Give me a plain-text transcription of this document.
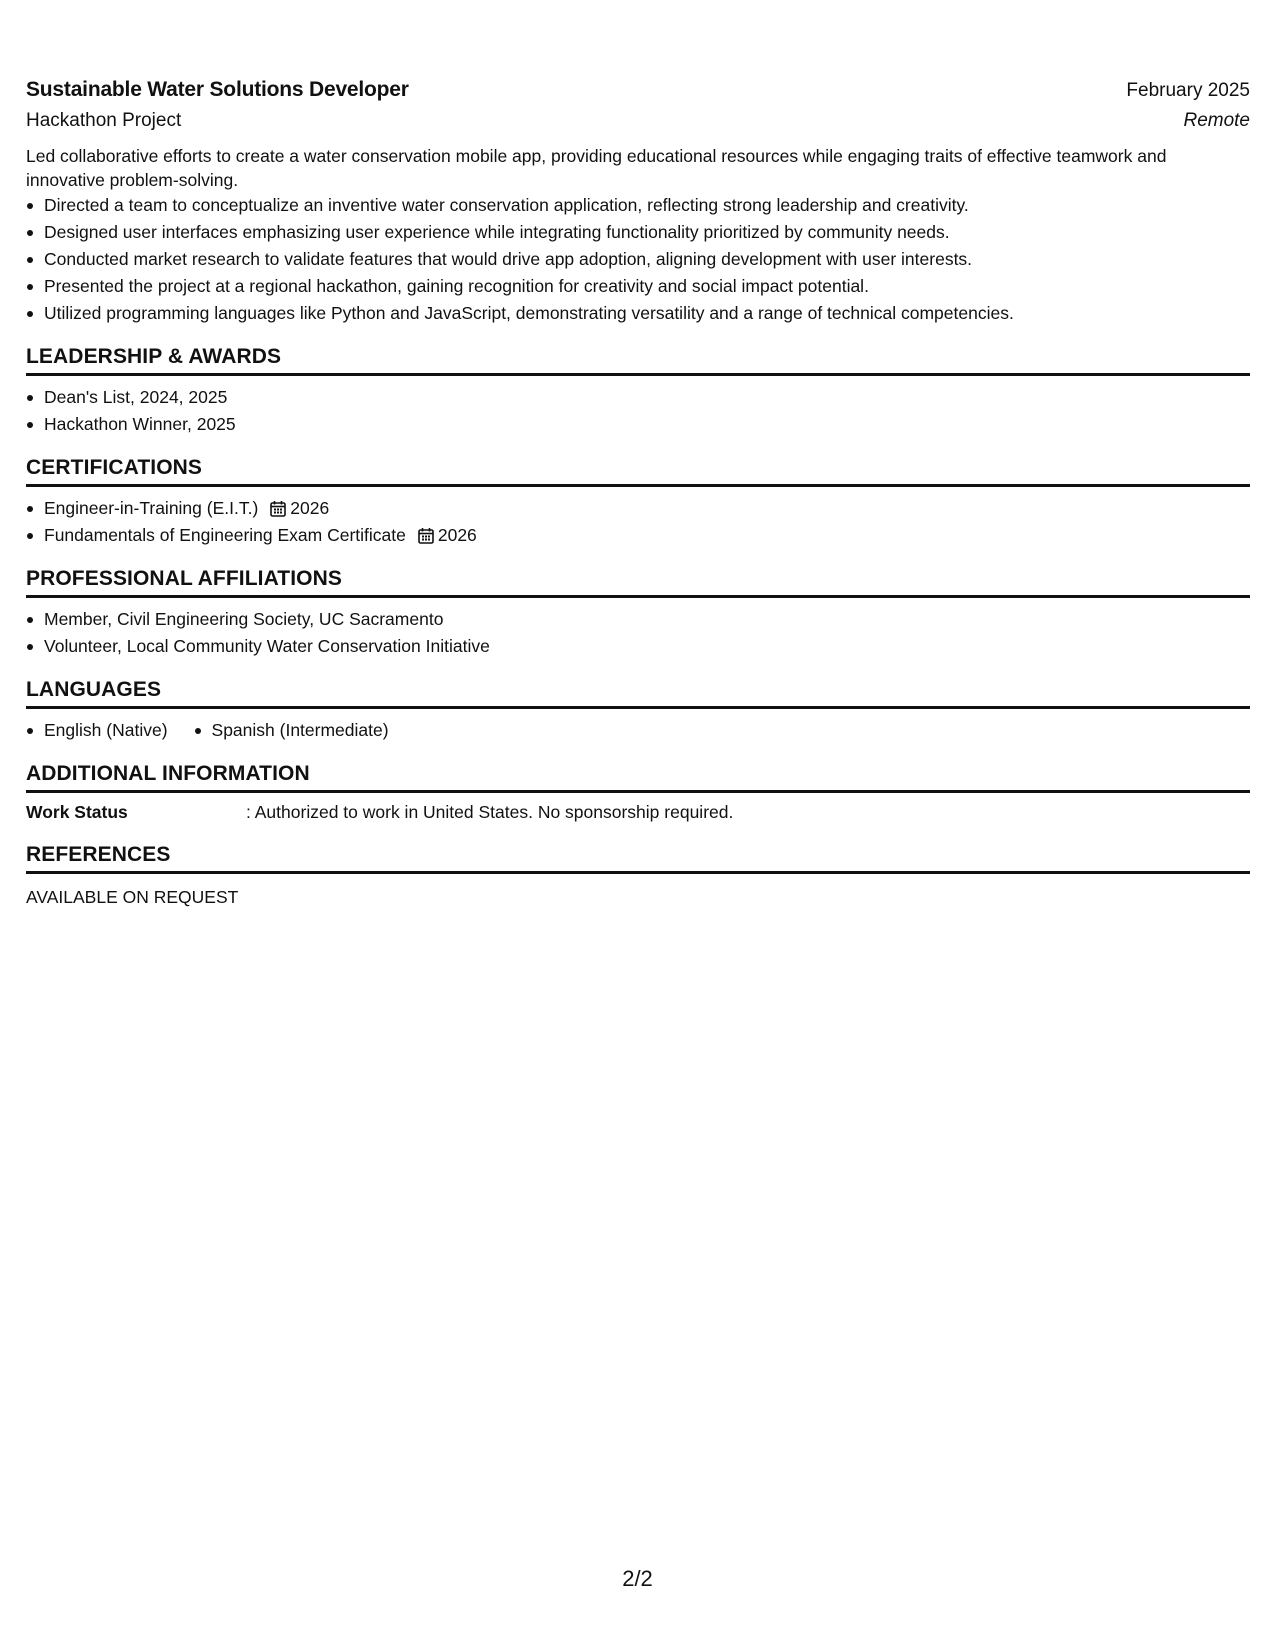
Sustainable Water Solutions Developer	February 2025
Hackathon Project	Remote

Led collaborative efforts to create a water conservation mobile app, providing educational resources while engaging traits of effective teamwork and innovative problem-solving.

Directed a team to conceptualize an inventive water conservation application, reflecting strong leadership and creativity.
Designed user interfaces emphasizing user experience while integrating functionality prioritized by community needs.
Conducted market research to validate features that would drive app adoption, aligning development with user interests.
Presented the project at a regional hackathon, gaining recognition for creativity and social impact potential.
Utilized programming languages like Python and JavaScript, demonstrating versatility and a range of technical competencies.
LEADERSHIP & AWARDS
Dean's List, 2024, 2025
Hackathon Winner, 2025
CERTIFICATIONS
Engineer-in-Training (E.I.T.) 2026
Fundamentals of Engineering Exam Certificate 2026
PROFESSIONAL AFFILIATIONS
Member, Civil Engineering Society, UC Sacramento
Volunteer, Local Community Water Conservation Initiative
LANGUAGES
English (Native)	Spanish (Intermediate)
ADDITIONAL INFORMATION
Work Status	: Authorized to work in United States. No sponsorship required.
REFERENCES
AVAILABLE ON REQUEST
2/2
